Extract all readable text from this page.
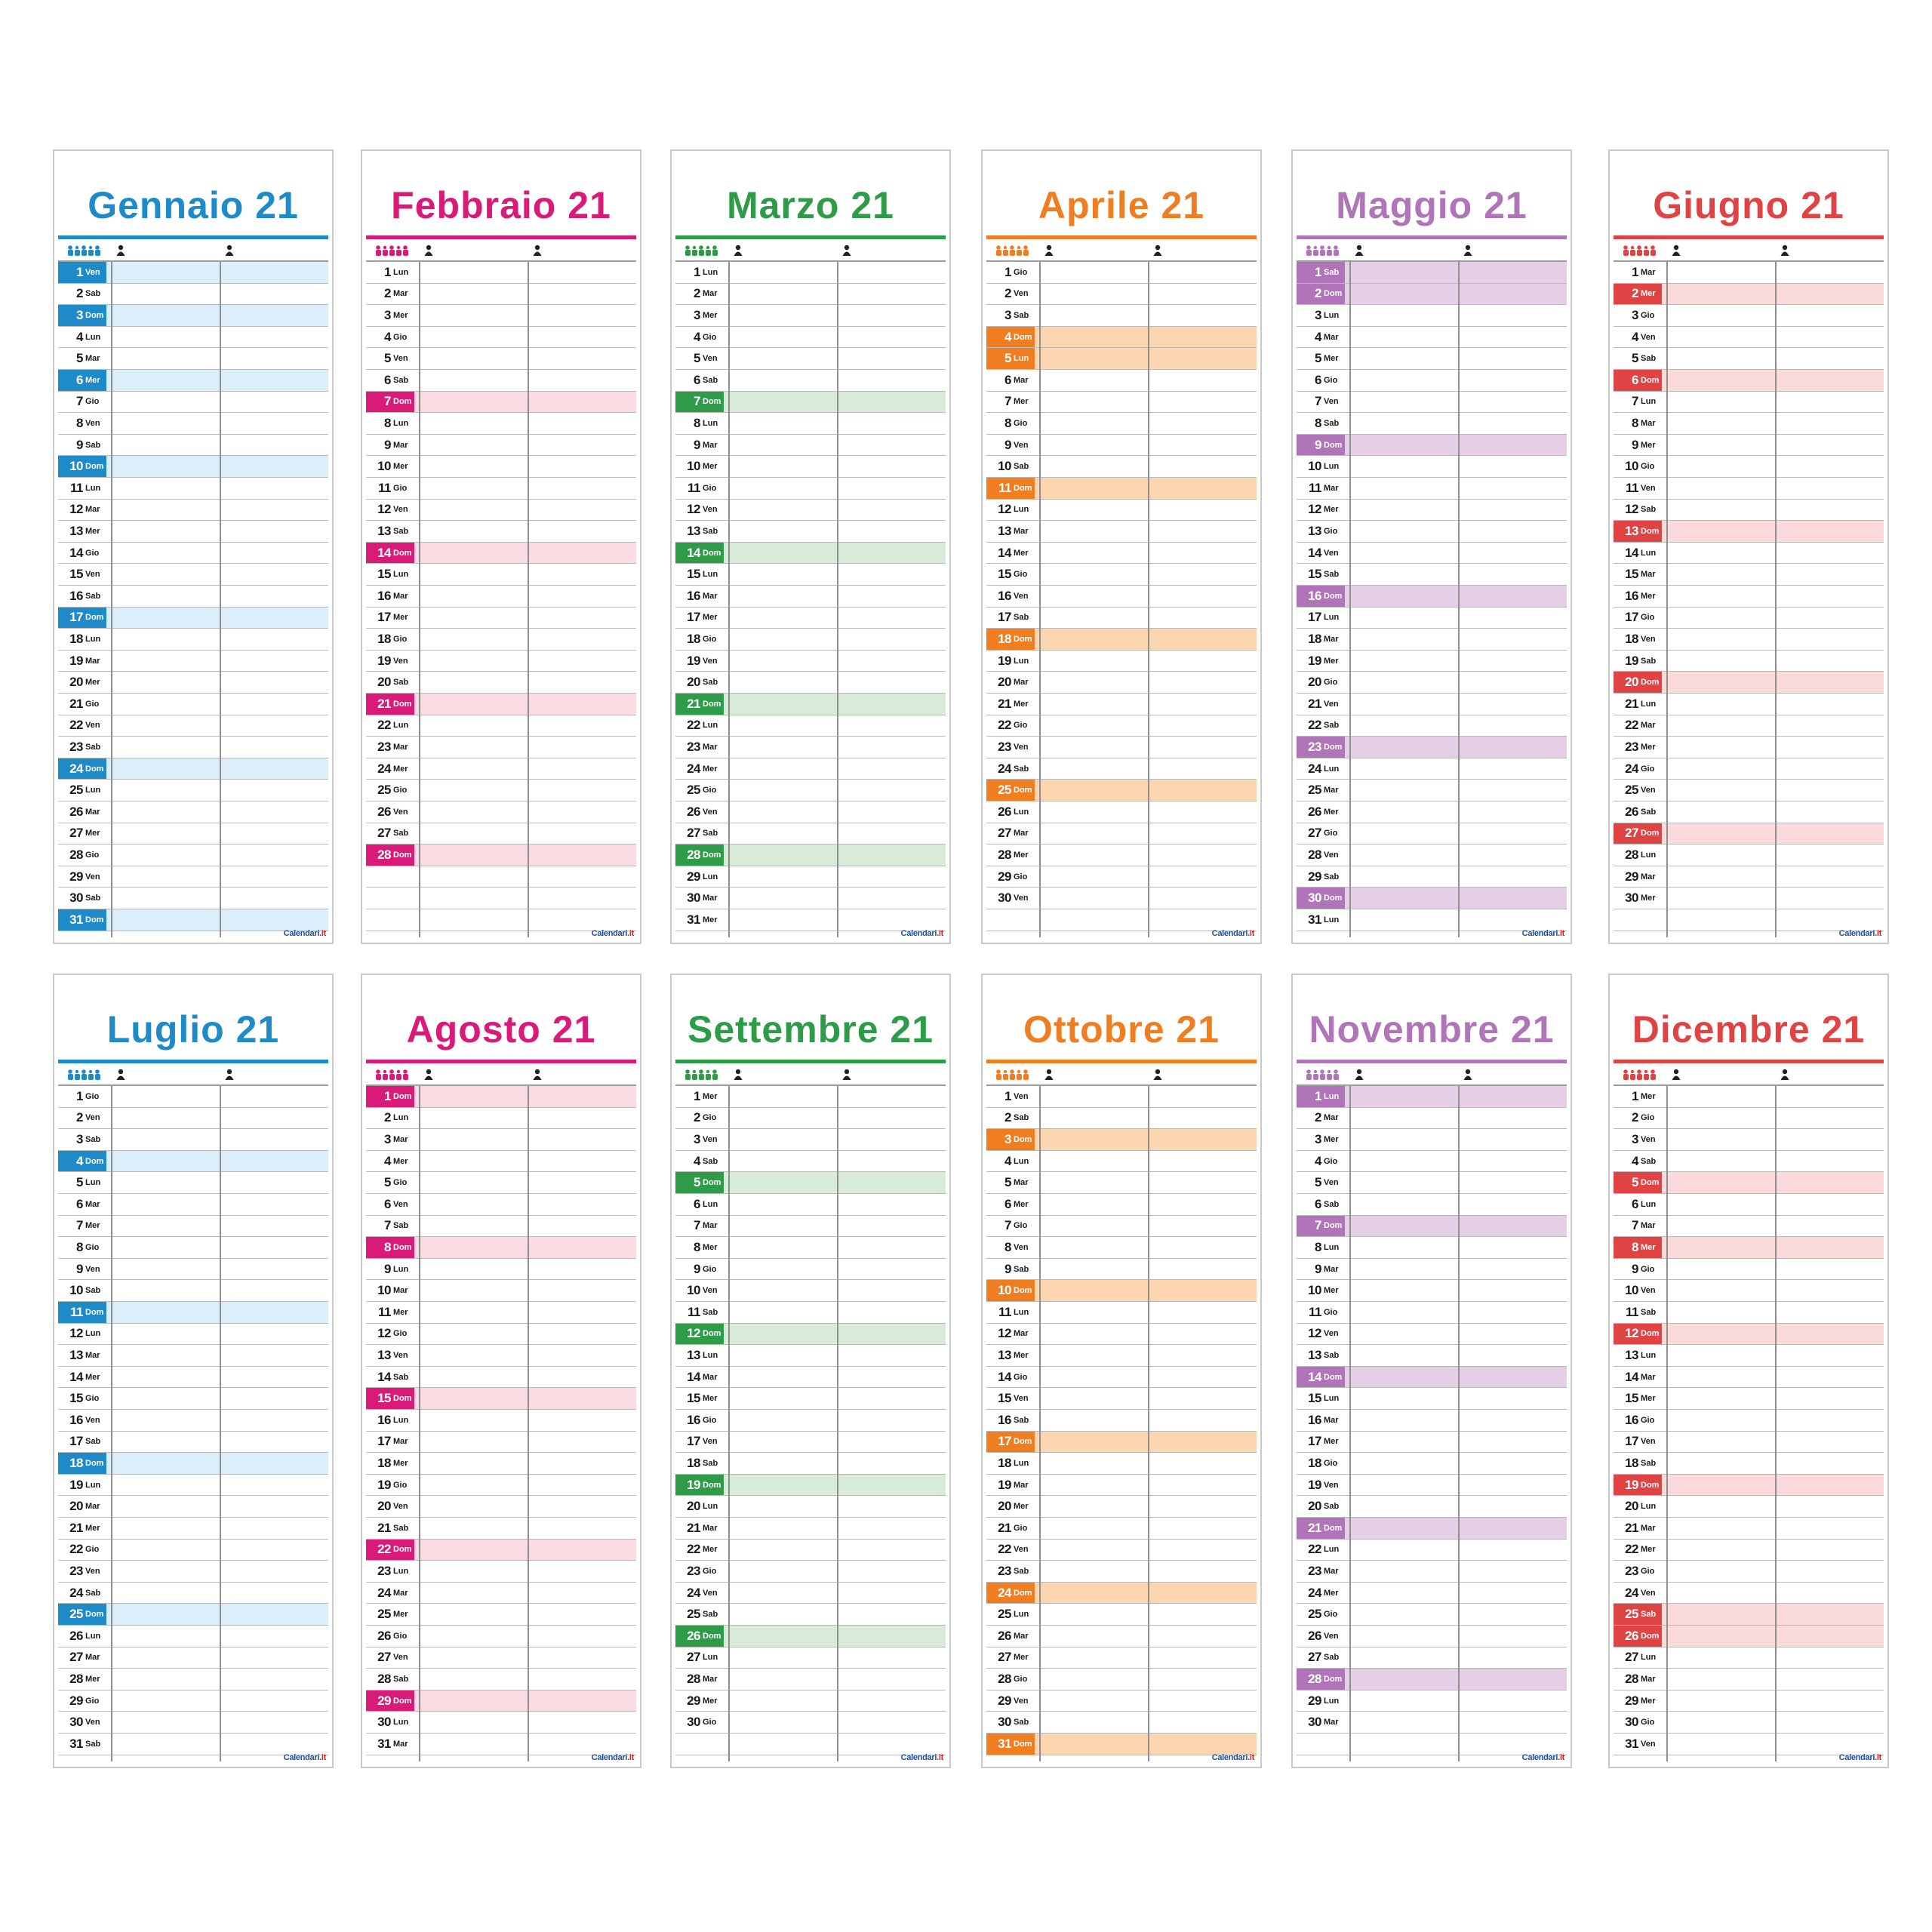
Gennaio 21
1 Ven
2 Sab
3 Dom
4 Lun
5 Mar
6 Mer
7 Gio
8 Ven
9 Sab
10 Dom
11 Lun
12 Mar
13 Mer
14 Gio
15 Ven
16 Sab
17 Dom
18 Lun
19 Mar
20 Mer
21 Gio
22 Ven
23 Sab
24 Dom
25 Lun
26 Mar
27 Mer
28 Gio
29 Ven
30 Sab
31 Dom
Calendari.it
Febbraio 21
1 Lun
2 Mar
3 Mer
4 Gio
5 Ven
6 Sab
7 Dom
8 Lun
9 Mar
10 Mer
11 Gio
12 Ven
13 Sab
14 Dom
15 Lun
16 Mar
17 Mer
18 Gio
19 Ven
20 Sab
21 Dom
22 Lun
23 Mar
24 Mer
25 Gio
26 Ven
27 Sab
28 Dom
Calendari.it
Marzo 21
1 Lun
2 Mar
3 Mer
4 Gio
5 Ven
6 Sab
7 Dom
8 Lun
9 Mar
10 Mer
11 Gio
12 Ven
13 Sab
14 Dom
15 Lun
16 Mar
17 Mer
18 Gio
19 Ven
20 Sab
21 Dom
22 Lun
23 Mar
24 Mer
25 Gio
26 Ven
27 Sab
28 Dom
29 Lun
30 Mar
31 Mer
Calendari.it
Aprile 21
1 Gio
2 Ven
3 Sab
4 Dom
5 Lun
6 Mar
7 Mer
8 Gio
9 Ven
10 Sab
11 Dom
12 Lun
13 Mar
14 Mer
15 Gio
16 Ven
17 Sab
18 Dom
19 Lun
20 Mar
21 Mer
22 Gio
23 Ven
24 Sab
25 Dom
26 Lun
27 Mar
28 Mer
29 Gio
30 Ven
Calendari.it
Maggio 21
1 Sab
2 Dom
3 Lun
4 Mar
5 Mer
6 Gio
7 Ven
8 Sab
9 Dom
10 Lun
11 Mar
12 Mer
13 Gio
14 Ven
15 Sab
16 Dom
17 Lun
18 Mar
19 Mer
20 Gio
21 Ven
22 Sab
23 Dom
24 Lun
25 Mar
26 Mer
27 Gio
28 Ven
29 Sab
30 Dom
31 Lun
Calendari.it
Giugno 21
1 Mar
2 Mer
3 Gio
4 Ven
5 Sab
6 Dom
7 Lun
8 Mar
9 Mer
10 Gio
11 Ven
12 Sab
13 Dom
14 Lun
15 Mar
16 Mer
17 Gio
18 Ven
19 Sab
20 Dom
21 Lun
22 Mar
23 Mer
24 Gio
25 Ven
26 Sab
27 Dom
28 Lun
29 Mar
30 Mer
Calendari.it
Luglio 21
1 Gio
2 Ven
3 Sab
4 Dom
5 Lun
6 Mar
7 Mer
8 Gio
9 Ven
10 Sab
11 Dom
12 Lun
13 Mar
14 Mer
15 Gio
16 Ven
17 Sab
18 Dom
19 Lun
20 Mar
21 Mer
22 Gio
23 Ven
24 Sab
25 Dom
26 Lun
27 Mar
28 Mer
29 Gio
30 Ven
31 Sab
Calendari.it
Agosto 21
1 Dom
2 Lun
3 Mar
4 Mer
5 Gio
6 Ven
7 Sab
8 Dom
9 Lun
10 Mar
11 Mer
12 Gio
13 Ven
14 Sab
15 Dom
16 Lun
17 Mar
18 Mer
19 Gio
20 Ven
21 Sab
22 Dom
23 Lun
24 Mar
25 Mer
26 Gio
27 Ven
28 Sab
29 Dom
30 Lun
31 Mar
Calendari.it
Settembre 21
1 Mer
2 Gio
3 Ven
4 Sab
5 Dom
6 Lun
7 Mar
8 Mer
9 Gio
10 Ven
11 Sab
12 Dom
13 Lun
14 Mar
15 Mer
16 Gio
17 Ven
18 Sab
19 Dom
20 Lun
21 Mar
22 Mer
23 Gio
24 Ven
25 Sab
26 Dom
27 Lun
28 Mar
29 Mer
30 Gio
Calendari.it
Ottobre 21
1 Ven
2 Sab
3 Dom
4 Lun
5 Mar
6 Mer
7 Gio
8 Ven
9 Sab
10 Dom
11 Lun
12 Mar
13 Mer
14 Gio
15 Ven
16 Sab
17 Dom
18 Lun
19 Mar
20 Mer
21 Gio
22 Ven
23 Sab
24 Dom
25 Lun
26 Mar
27 Mer
28 Gio
29 Ven
30 Sab
31 Dom
Calendari.it
Novembre 21
1 Lun
2 Mar
3 Mer
4 Gio
5 Ven
6 Sab
7 Dom
8 Lun
9 Mar
10 Mer
11 Gio
12 Ven
13 Sab
14 Dom
15 Lun
16 Mar
17 Mer
18 Gio
19 Ven
20 Sab
21 Dom
22 Lun
23 Mar
24 Mer
25 Gio
26 Ven
27 Sab
28 Dom
29 Lun
30 Mar
Calendari.it
Dicembre 21
1 Mer
2 Gio
3 Ven
4 Sab
5 Dom
6 Lun
7 Mar
8 Mer
9 Gio
10 Ven
11 Sab
12 Dom
13 Lun
14 Mar
15 Mer
16 Gio
17 Ven
18 Sab
19 Dom
20 Lun
21 Mar
22 Mer
23 Gio
24 Ven
25 Sab
26 Dom
27 Lun
28 Mar
29 Mer
30 Gio
31 Ven
Calendari.it
